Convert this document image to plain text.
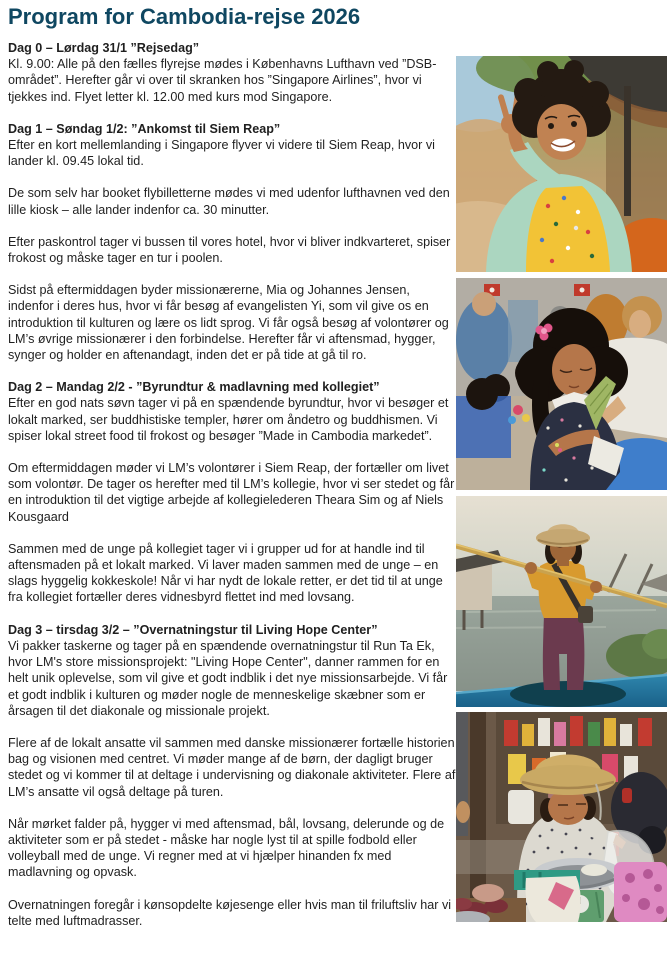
Program for Cambodia-rejse 2026
Dag 0 – Lørdag 31/1 ”Rejsedag”

Kl. 9.00: Alle på den fælles flyrejse mødes i Københavns Lufthavn ved ”DSB-området”. Herefter går vi over til skranken hos ”Singapore Airlines”, hvor vi tjekkes ind. Flyet letter kl. 12.00 med kurs mod Singapore.

Dag 1 – Søndag 1/2: ”Ankomst til Siem Reap”

Efter en kort mellemlanding i Singapore flyver vi videre til Siem Reap, hvor vi lander kl. 09.45 lokal tid.

De som selv har booket flybilletterne mødes vi med udenfor lufthavnen ved den lille kiosk – alle lander indenfor ca. 30 minutter.

Efter paskontrol tager vi bussen til vores hotel, hvor vi bliver indkvarteret, spiser frokost og måske tager en tur i poolen.

Sidst på eftermiddagen byder missionærerne, Mia og Johannes Jensen, indenfor i deres hus, hvor vi får besøg af evangelisten Yi, som vil give os en introduktion til kulturen og lære os lidt sprog. Vi får også besøg af volontører og LM’s øvrige missionærer i den forbindelse. Herefter får vi aftensmad, hygger, synger og holder en aftenandagt, inden det er på tide at gå til ro.

Dag 2 – Mandag 2/2 - ”Byrundtur & madlavning med kollegiet”

Efter en god nats søvn tager vi på en spændende byrundtur, hvor vi besøger et lokalt marked, ser buddhistiske templer, hører om åndetro og buddhismen. Vi spiser lokal street food til frokost og besøger ”Made in Cambodia markedet”.

Om eftermiddagen møder vi LM’s volontører i Siem Reap, der fortæller om livet som volontør. De tager os herefter med til LM’s kollegie, hvor vi ser stedet og får en introduktion til det vigtige arbejde af kollegielederen Theara Sim og af Niels Kousgaard

Sammen med de unge på kollegiet tager vi i grupper ud for at handle ind til aftensmaden på et lokalt marked. Vi laver maden sammen med de unge – en slags hyggelig kokkeskole! Når vi har nydt de lokale retter, er det tid til at unge fra kollegiet fortæller deres vidnesbyrd flettet ind med lovsang.

Dag 3 – tirsdag 3/2 – ”Overnatningstur til Living Hope Center”

Vi pakker taskerne og tager på en spændende overnatningstur til Run Ta Ek, hvor LM's store missionsprojekt: "Living Hope Center", danner rammen for en helt unik oplevelse, som vil give et godt indblik i det nye missionsarbejde. Vi får et godt indblik i kulturen og møder nogle de menneskelige skæbner som er årsagen til det diakonale og missionale projekt.

Flere af de lokalt ansatte vil sammen med danske missionærer fortælle historien bag og visionen med centret. Vi møder mange af de børn, der dagligt bruger stedet og vi kommer til at deltage i undervisning og diakonale aktiviteter. Flere af LM’s ansatte vil også deltage på turen.

Når mørket falder på, hygger vi med aftensmad, bål, lovsang, delerunde og de aktiviteter som er på stedet - måske har nogle lyst til at spille fodbold eller volleyball med de unge. Vi regner med at vi hjælper hinanden fx med madlavning og opvask.

Overnatningen foregår i kønsopdelte køjesenge eller hvis man til friluftsliv har vi telte med luftmadrasser.
